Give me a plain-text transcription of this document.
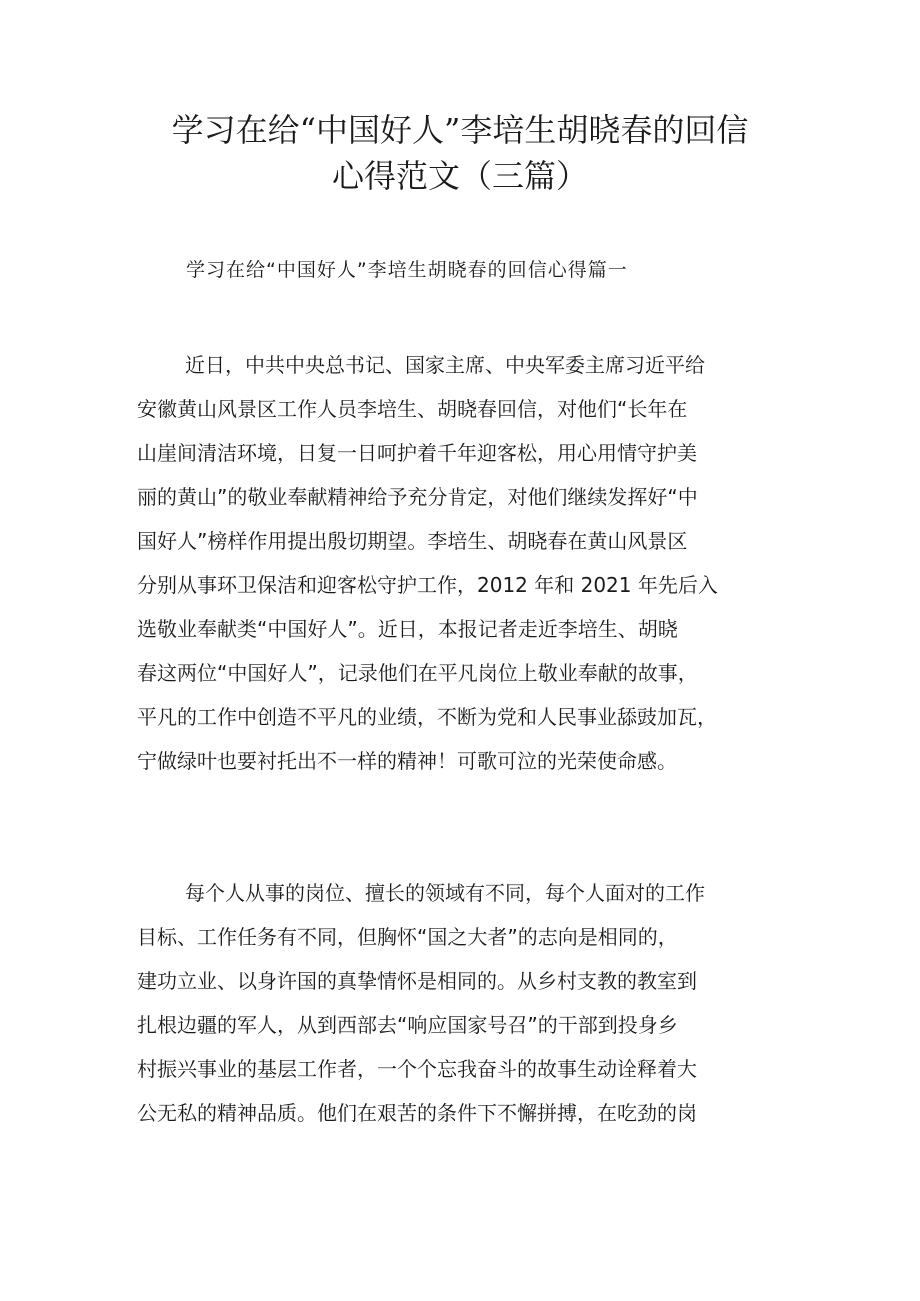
学习在给“中国好人”李培生胡晓春的回信
心得范文（三篇）
学习在给“中国好人”李培生胡晓春的回信心得篇一
近日，中共中央总书记、国家主席、中央军委主席习近平给
安徽黄山风景区工作人员李培生、胡晓春回信，对他们“长年在
山崖间清洁环境，日复一日呵护着千年迎客松，用心用情守护美
丽的黄山”的敬业奉献精神给予充分肯定，对他们继续发挥好“中
国好人”榜样作用提出殷切期望。李培生、胡晓春在黄山风景区
分别从事环卫保洁和迎客松守护工作，2012 年和 2021 年先后入
选敬业奉献类“中国好人”。近日，本报记者走近李培生、胡晓
春这两位“中国好人”，记录他们在平凡岗位上敬业奉献的故事，
平凡的工作中创造不平凡的业绩，不断为党和人民事业舔豉加瓦，
宁做绿叶也要衬托出不一样的精神！可歌可泣的光荣使命感。
每个人从事的岗位、擅长的领域有不同，每个人面对的工作
目标、工作任务有不同，但胸怀“国之大者”的志向是相同的，
建功立业、以身许国的真挚情怀是相同的。从乡村支教的教室到
扎根边疆的军人，从到西部去“响应国家号召”的干部到投身乡
村振兴事业的基层工作者，一个个忘我奋斗的故事生动诠释着大
公无私的精神品质。他们在艰苦的条件下不懈拼搏，在吃劲的岗
